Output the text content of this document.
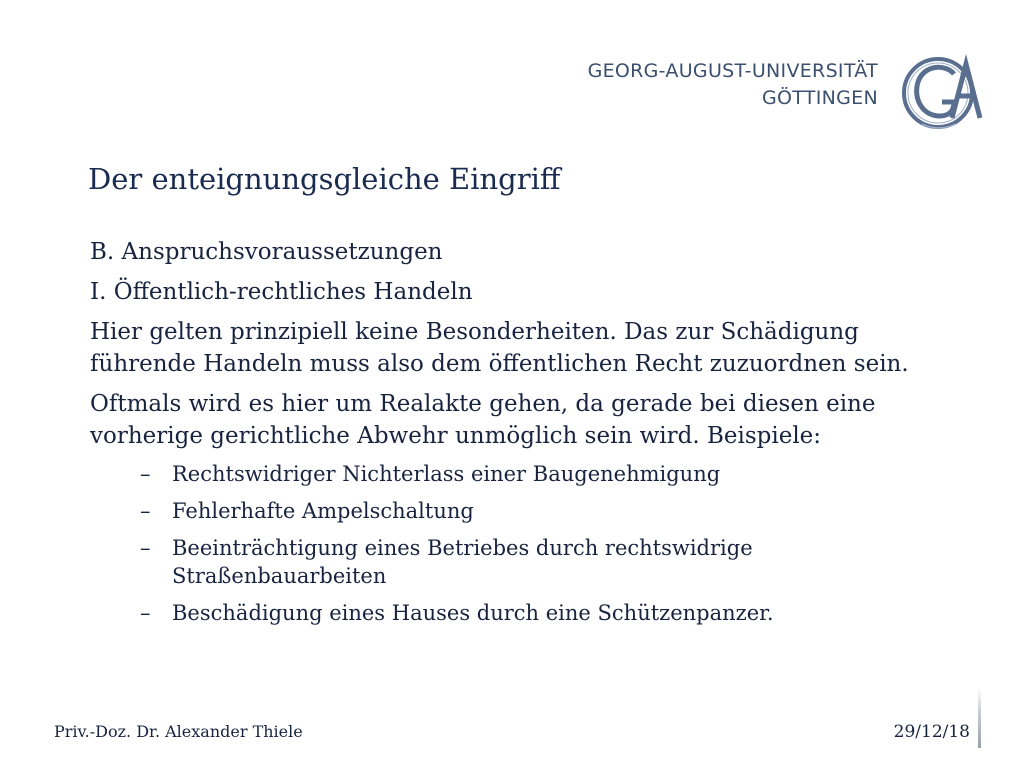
GEORG-AUGUST-UNIVERSITÄT
GÖTTINGEN
Der enteignungsgleiche Eingriff

B. Anspruchsvoraussetzungen

I. Öffentlich-rechtliches Handeln

Hier gelten prinzipiell keine Besonderheiten. Das zur Schädigung führende Handeln muss also dem öffentlichen Recht zuzuordnen sein.

Oftmals wird es hier um Realakte gehen, da gerade bei diesen eine vorherige gerichtliche Abwehr unmöglich sein wird. Beispiele:

– Rechtswidriger Nichterlass einer Baugenehmigung
– Fehlerhafte Ampelschaltung
– Beeinträchtigung eines Betriebes durch rechtswidrige Straßenbauarbeiten
– Beschädigung eines Hauses durch eine Schützenpanzer.
Priv.-Doz. Dr. Alexander Thiele	29/12/18
